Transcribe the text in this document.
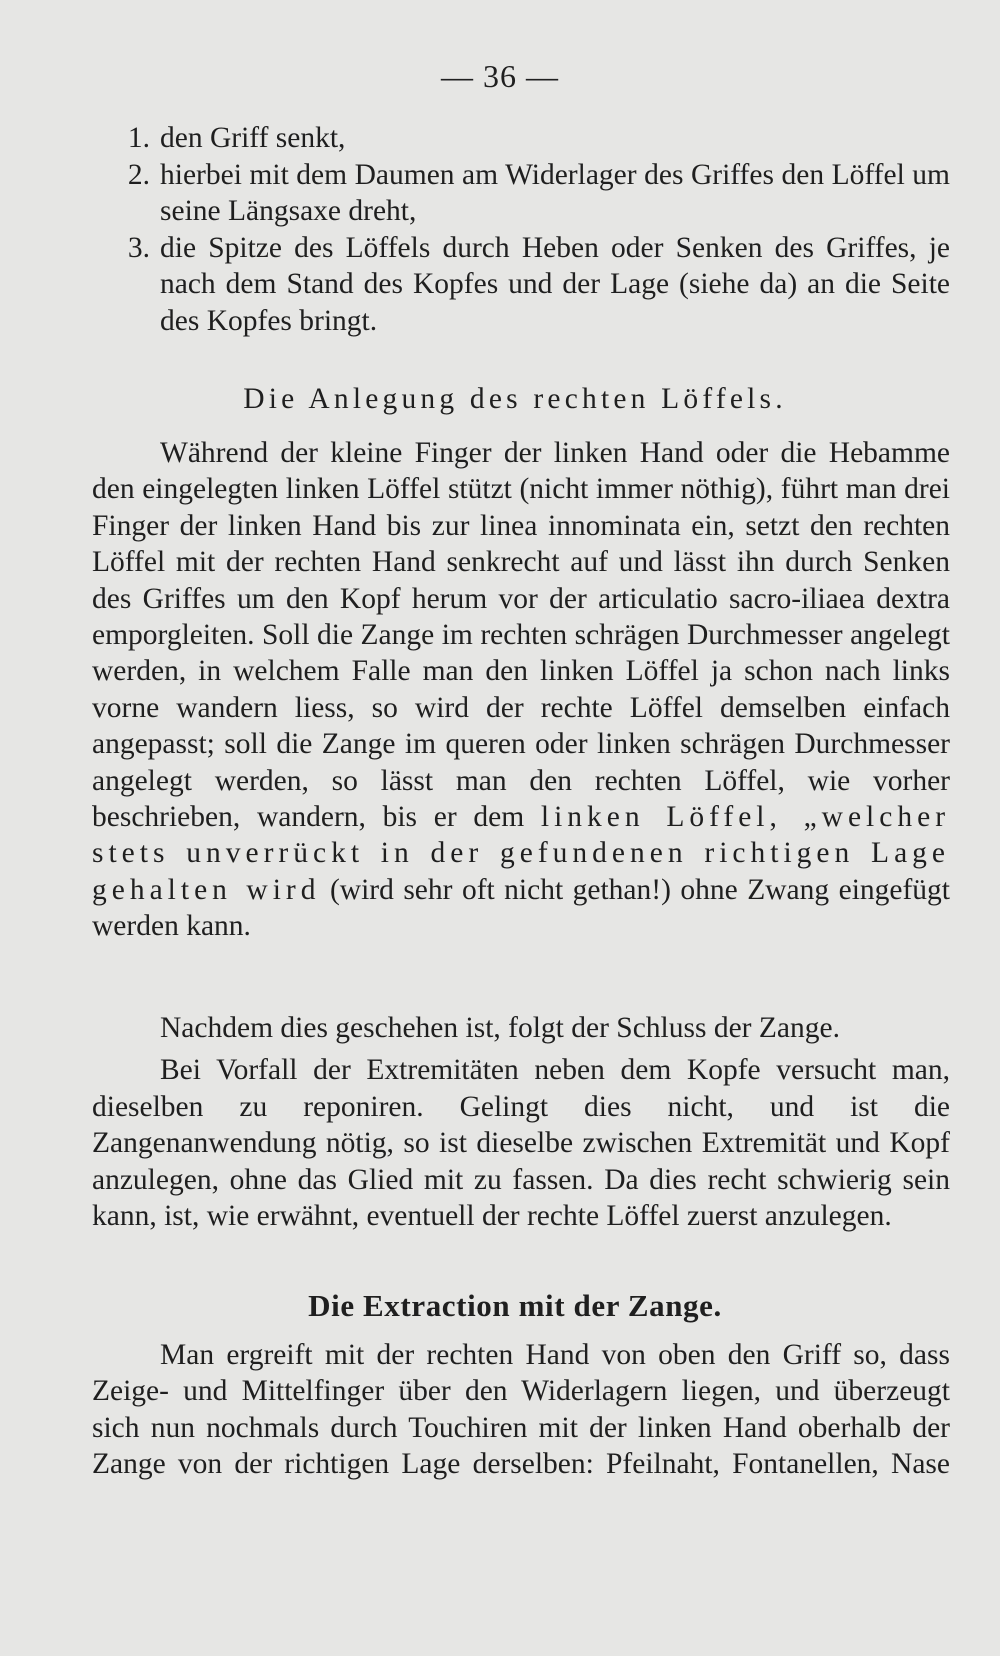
— 36 —
1. den Griff senkt,
2. hierbei mit dem Daumen am Widerlager des Griffes den Löffel um seine Längsaxe dreht,
3. die Spitze des Löffels durch Heben oder Senken des Griffes, je nach dem Stand des Kopfes und der Lage (siehe da) an die Seite des Kopfes bringt.
Die Anlegung des rechten Löffels.

Während der kleine Finger der linken Hand oder die Hebamme den eingelegten linken Löffel stützt (nicht immer nöthig), führt man drei Finger der linken Hand bis zur linea innominata ein, setzt den rechten Löffel mit der rechten Hand senkrecht auf und lässt ihn durch Senken des Griffes um den Kopf herum vor der articulatio sacro-iliaea dextra emporgleiten. Soll die Zange im rechten schrägen Durchmesser angelegt werden, in welchem Falle man den linken Löffel ja schon nach links vorne wandern liess, so wird der rechte Löffel demselben einfach angepasst; soll die Zange im queren oder linken schrägen Durchmesser angelegt werden, so lässt man den rechten Löffel, wie vorher beschrieben, wandern, bis er dem linken Löffel, „welcher stets unverrückt in der gefundenen richtigen Lage gehalten wird (wird sehr oft nicht gethan!) ohne Zwang eingefügt werden kann.

Nachdem dies geschehen ist, folgt der Schluss der Zange.

Bei Vorfall der Extremitäten neben dem Kopfe versucht man, dieselben zu reponiren. Gelingt dies nicht, und ist die Zangenanwendung nötig, so ist dieselbe zwischen Extremität und Kopf anzulegen, ohne das Glied mit zu fassen. Da dies recht schwierig sein kann, ist, wie erwähnt, eventuell der rechte Löffel zuerst anzulegen.

Die Extraction mit der Zange.

Man ergreift mit der rechten Hand von oben den Griff so, dass Zeige- und Mittelfinger über den Widerlagern liegen, und überzeugt sich nun nochmals durch Touchiren mit der linken Hand oberhalb der Zange von der richtigen Lage derselben: Pfeilnaht, Fontanellen, Nase
